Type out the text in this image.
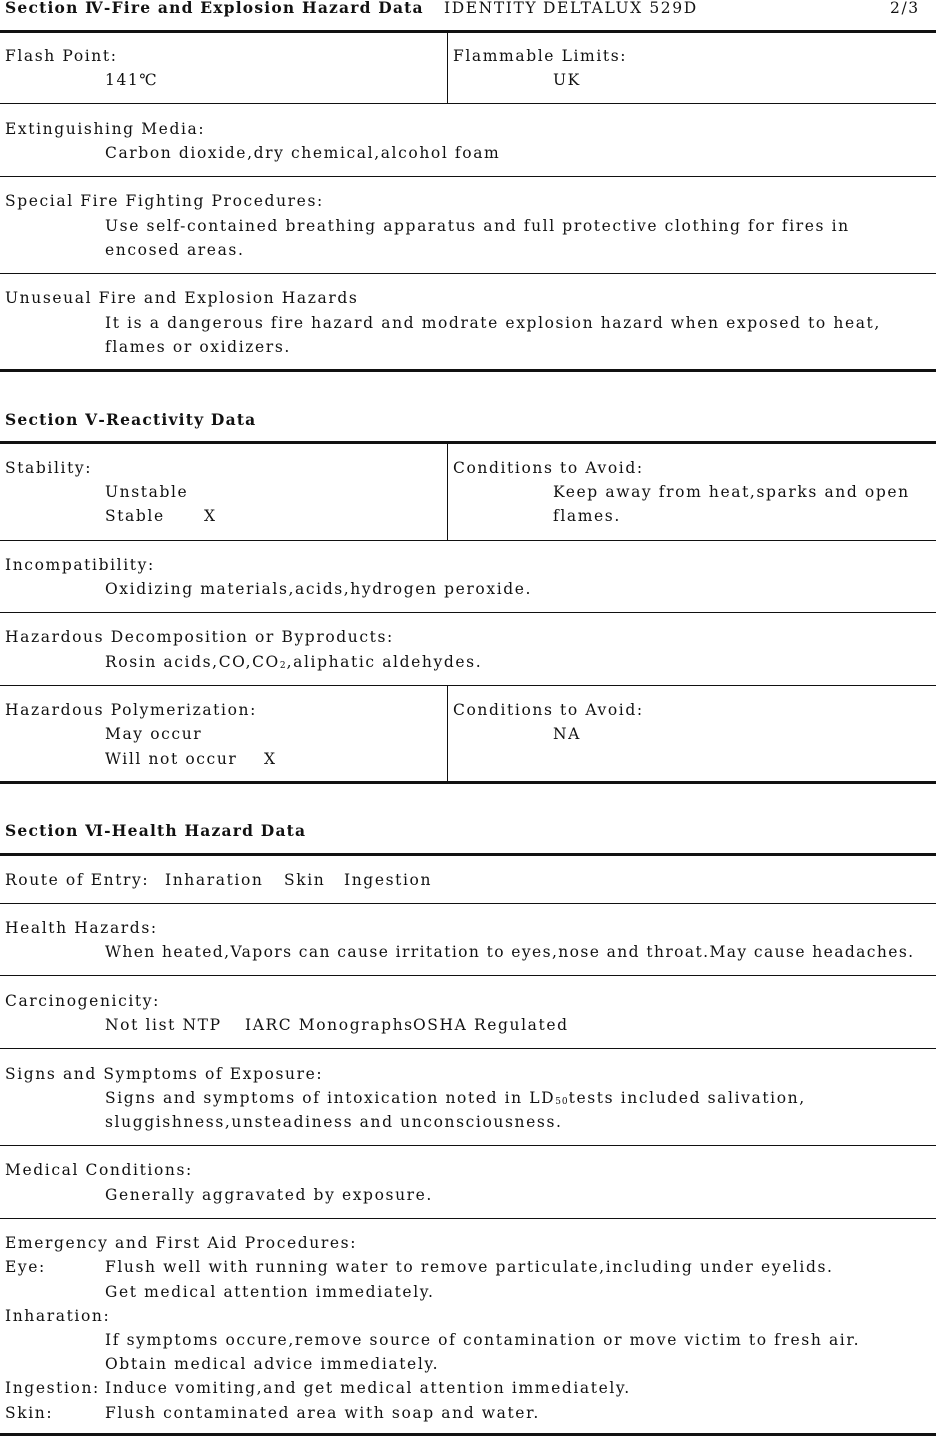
Section Ⅳ-Fire and Explosion Hazard Data IDENTITY DELTALUX 529D	2/3
Flash Point:
141℃
Flammable Limits:
UK
Extinguishing Media:
Carbon dioxide,dry chemical,alcohol foam
Special Fire Fighting Procedures:
Use self-contained breathing apparatus and full protective clothing for fires in
encosed areas.
Unuseual Fire and Explosion Hazards
It is a dangerous fire hazard and modrate explosion hazard when exposed to heat,
flames or oxidizers.
Section Ⅴ-Reactivity Data
Stability:
Unstable
Stable	X
Conditions to Avoid:
Keep away from heat,sparks and open
flames.
Incompatibility:
Oxidizing materials,acids,hydrogen peroxide.
Hazardous Decomposition or Byproducts:
Rosin $acids,CO,CO_2,aliphatic$ aldehydes.
Hazardous Polymerization:
May occur
Will not occur X
Conditions to Avoid:
NA
Section Ⅵ-Health Hazard Data
Route of Entry: Inharation Skin Ingestion
Health Hazards:
When heated,Vapors can cause irritation to eyes,nose and throat.May cause headaches.
Carcinogenicity:
Not list NTP IARC Monographs OSHA Regulated
Signs and Symptoms of Exposure:
Signs and symptoms of intoxication noted in $LD_{50}tests$ included salivation,
sluggishness,unsteadiness and unconsciousness.
Medical Conditions:
Generally aggravated by exposure.
Emergency and First Aid Procedures:
Eye:	Flush well with running water to remove particulate,including under eyelids.
Get medical attention immediately.
Inharation:
If symptoms occure,remove source of contamination or move victim to fresh air.
Obtain medical advice immediately.
Ingestion: Induce vomiting,and get medical attention immediately.
Skin:	Flush contaminated area with soap and water.
